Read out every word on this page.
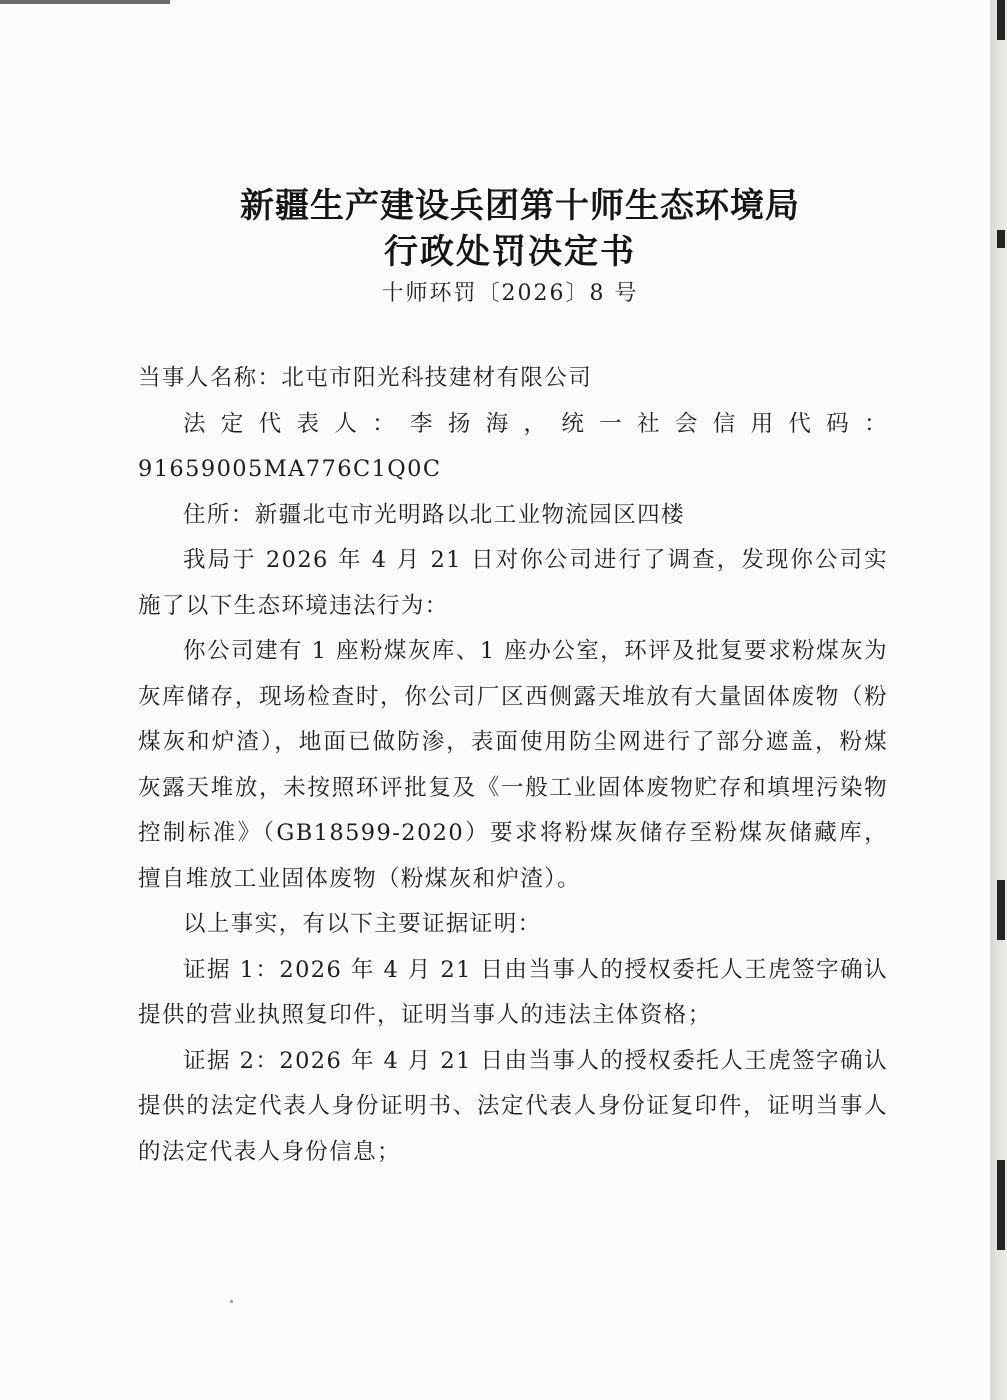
新疆生产建设兵团第十师生态环境局
行政处罚决定书
十师环罚〔2026〕8 号

当事人名称：北屯市阳光科技建材有限公司

法定代表人：李扬海，统一社会信用代码：91659005MA776C1Q0C

住所：新疆北屯市光明路以北工业物流园区四楼

我局于 2026 年 4 月 21 日对你公司进行了调查，发现你公司实施了以下生态环境违法行为：

你公司建有 1 座粉煤灰库、1 座办公室，环评及批复要求粉煤灰为灰库储存，现场检查时，你公司厂区西侧露天堆放有大量固体废物（粉煤灰和炉渣），地面已做防渗，表面使用防尘网进行了部分遮盖，粉煤灰露天堆放，未按照环评批复及《一般工业固体废物贮存和填埋污染物控制标准》（GB18599-2020）要求将粉煤灰储存至粉煤灰储藏库，擅自堆放工业固体废物（粉煤灰和炉渣）。

以上事实，有以下主要证据证明：

证据 1：2026 年 4 月 21 日由当事人的授权委托人王虎签字确认提供的营业执照复印件，证明当事人的违法主体资格；

证据 2：2026 年 4 月 21 日由当事人的授权委托人王虎签字确认提供的法定代表人身份证明书、法定代表人身份证复印件，证明当事人的法定代表人身份信息；
